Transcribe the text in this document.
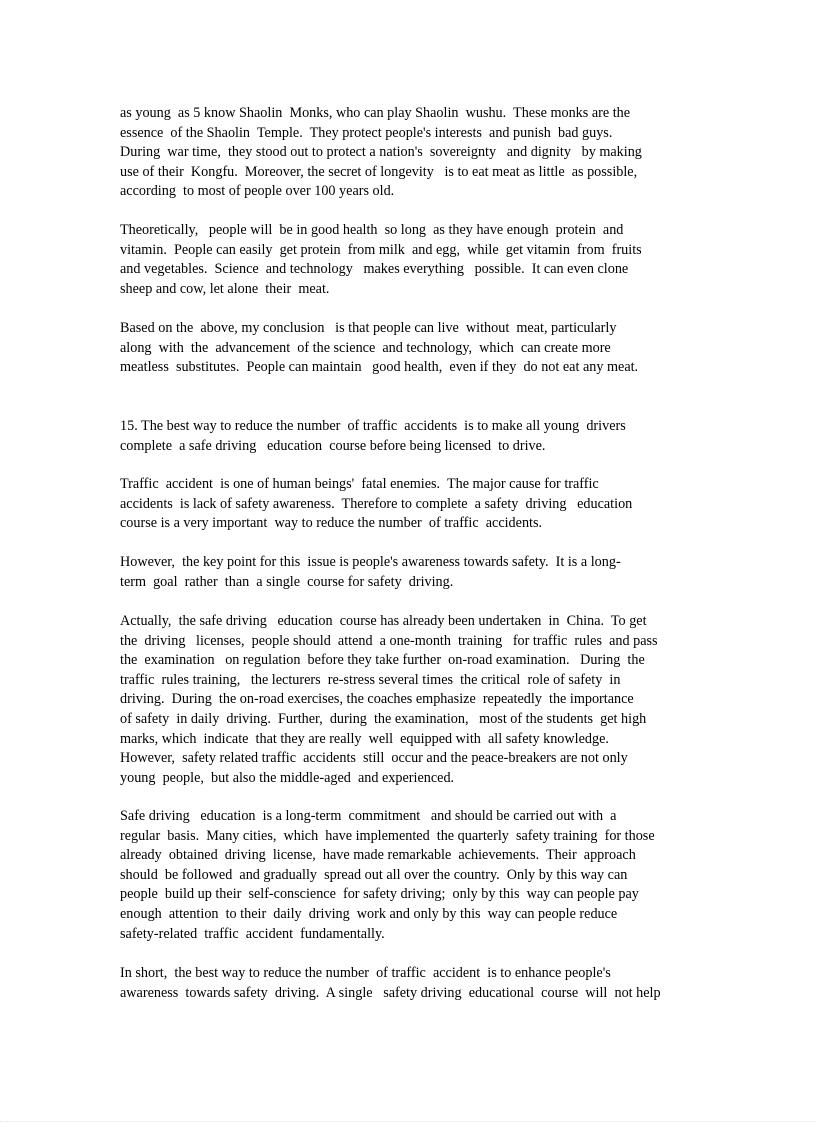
as young  as 5 know Shaolin  Monks, who can play Shaolin  wushu.  These monks are the
essence  of the Shaolin  Temple.  They protect people's interests  and punish  bad guys.
During  war time,  they stood out to protect a nation's  sovereignty   and dignity   by making
use of their  Kongfu.  Moreover, the secret of longevity   is to eat meat as little  as possible,
according  to most of people over 100 years old.
Theoretically,   people will  be in good health  so long  as they have enough  protein  and
vitamin.  People can easily  get protein  from milk  and egg,  while  get vitamin  from  fruits
and vegetables.  Science  and technology   makes everything   possible.  It can even clone
sheep and cow, let alone  their  meat.
Based on the  above, my conclusion   is that people can live  without  meat, particularly
along  with  the  advancement  of the science  and technology,  which  can create more
meatless  substitutes.  People can maintain   good health,  even if they  do not eat any meat.
15. The best way to reduce the number  of traffic  accidents  is to make all young  drivers
complete  a safe driving   education  course before being licensed  to drive.
Traffic  accident  is one of human beings'  fatal enemies.  The major cause for traffic
accidents  is lack of safety awareness.  Therefore to complete  a safety  driving   education
course is a very important  way to reduce the number  of traffic  accidents.
However,  the key point for this  issue is people's awareness towards safety.  It is a long-
term  goal  rather  than  a single  course for safety  driving.
Actually,  the safe driving   education  course has already been undertaken  in  China.  To get
the  driving   licenses,  people should  attend  a one-month  training   for traffic  rules  and pass
the  examination   on regulation  before they take further  on-road examination.   During  the
traffic  rules training,   the lecturers  re-stress several times  the critical  role of safety  in
driving.  During  the on-road exercises, the coaches emphasize  repeatedly  the importance
of safety  in daily  driving.  Further,  during  the examination,   most of the students  get high
marks, which  indicate  that they are really  well  equipped with  all safety knowledge.
However,  safety related traffic  accidents  still  occur and the peace-breakers are not only
young  people,  but also the middle-aged  and experienced.
Safe driving   education  is a long-term  commitment   and should be carried out with  a
regular  basis.  Many cities,  which  have implemented  the quarterly  safety training  for those
already  obtained  driving  license,  have made remarkable  achievements.  Their  approach
should  be followed  and gradually  spread out all over the country.  Only by this way can
people  build up their  self-conscience  for safety driving;  only by this  way can people pay
enough  attention  to their  daily  driving  work and only by this  way can people reduce
safety-related  traffic  accident  fundamentally.
In short,  the best way to reduce the number  of traffic  accident  is to enhance people's
awareness  towards safety  driving.  A single   safety driving  educational  course  will  not help
